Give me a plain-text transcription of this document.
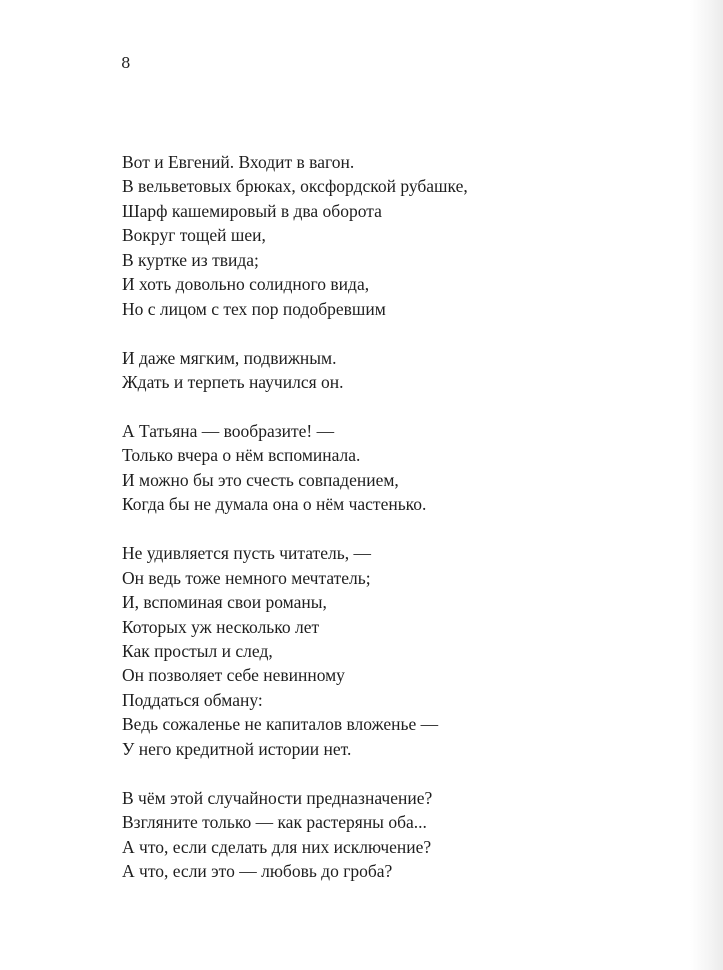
8
Вот и Евгений. Входит в вагон.
В вельветовых брюках, оксфордской рубашке,
Шарф кашемировый в два оборота
Вокруг тощей шеи,
В куртке из твида;
И хоть довольно солидного вида,
Но с лицом с тех пор подобревшим
И даже мягким, подвижным.
Ждать и терпеть научился он.
А Татьяна — вообразите! —
Только вчера о нём вспоминала.
И можно бы это счесть совпадением,
Когда бы не думала она о нём частенько.
Не удивляется пусть читатель, —
Он ведь тоже немного мечтатель;
И, вспоминая свои романы,
Которых уж несколько лет
Как простыл и след,
Он позволяет себе невинному
Поддаться обману:
Ведь сожаленье не капиталов вложенье —
У него кредитной истории нет.
В чём этой случайности предназначение?
Взгляните только — как растеряны оба...
А что, если сделать для них исключение?
А что, если это — любовь до гроба?
